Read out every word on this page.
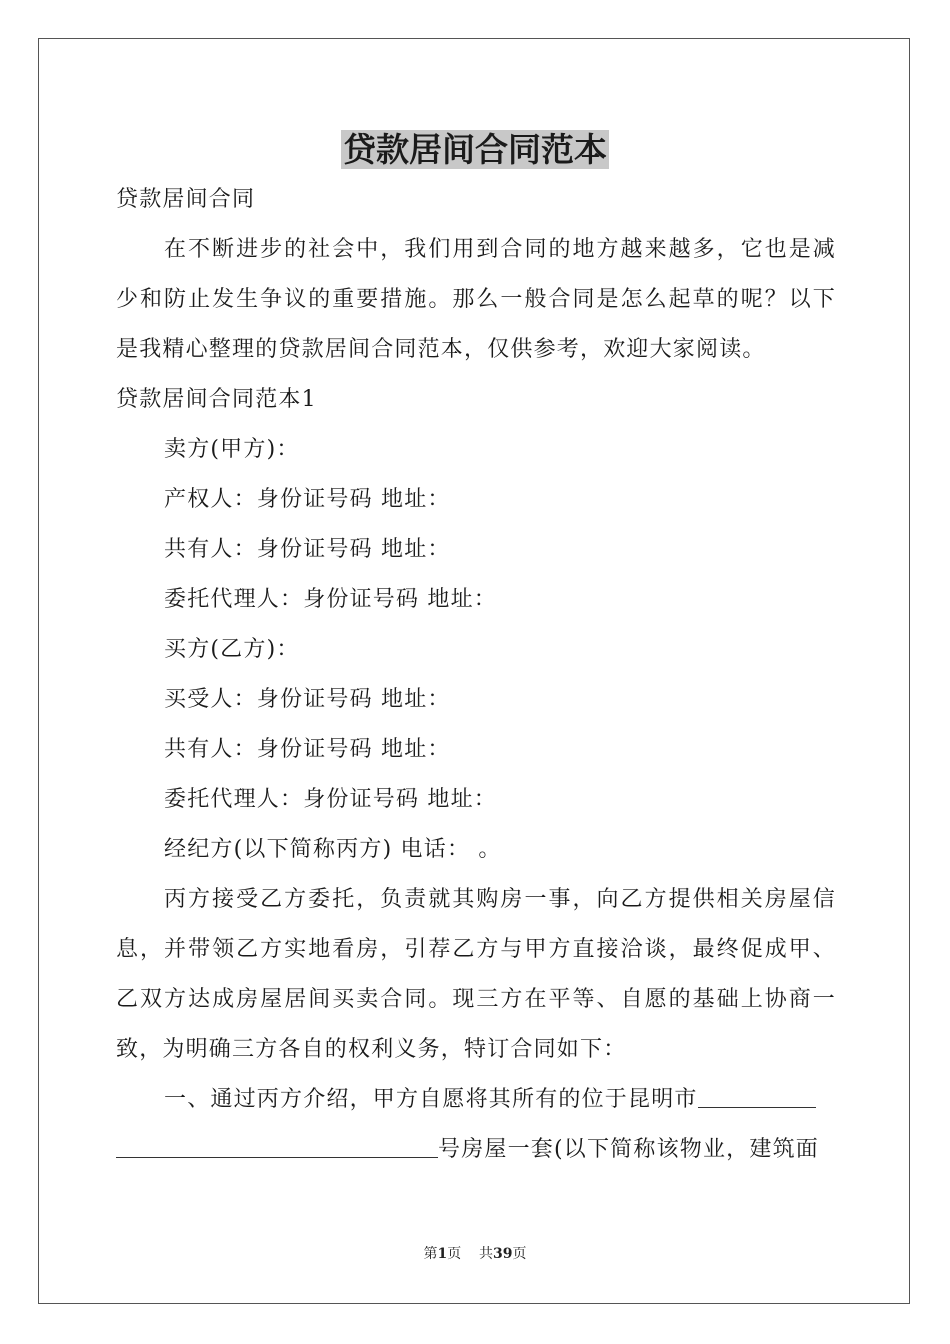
贷款居间合同范本
贷款居间合同
在不断进步的社会中，我们用到合同的地方越来越多，它也是减
少和防止发生争议的重要措施。那么一般合同是怎么起草的呢？以下
是我精心整理的贷款居间合同范本，仅供参考，欢迎大家阅读。
贷款居间合同范本1
卖方(甲方)：
产权人：身份证号码 地址：
共有人：身份证号码 地址：
委托代理人：身份证号码 地址：
买方(乙方)：
买受人：身份证号码 地址：
共有人：身份证号码 地址：
委托代理人：身份证号码 地址：
经纪方(以下简称丙方) 电话： 。
丙方接受乙方委托，负责就其购房一事，向乙方提供相关房屋信
息，并带领乙方实地看房，引荐乙方与甲方直接洽谈，最终促成甲、
乙双方达成房屋居间买卖合同。现三方在平等、自愿的基础上协商一
致，为明确三方各自的权利义务，特订合同如下：
一、通过丙方介绍，甲方自愿将其所有的位于昆明市
号房屋一套(以下简称该物业，建筑面
第1页 共39页
